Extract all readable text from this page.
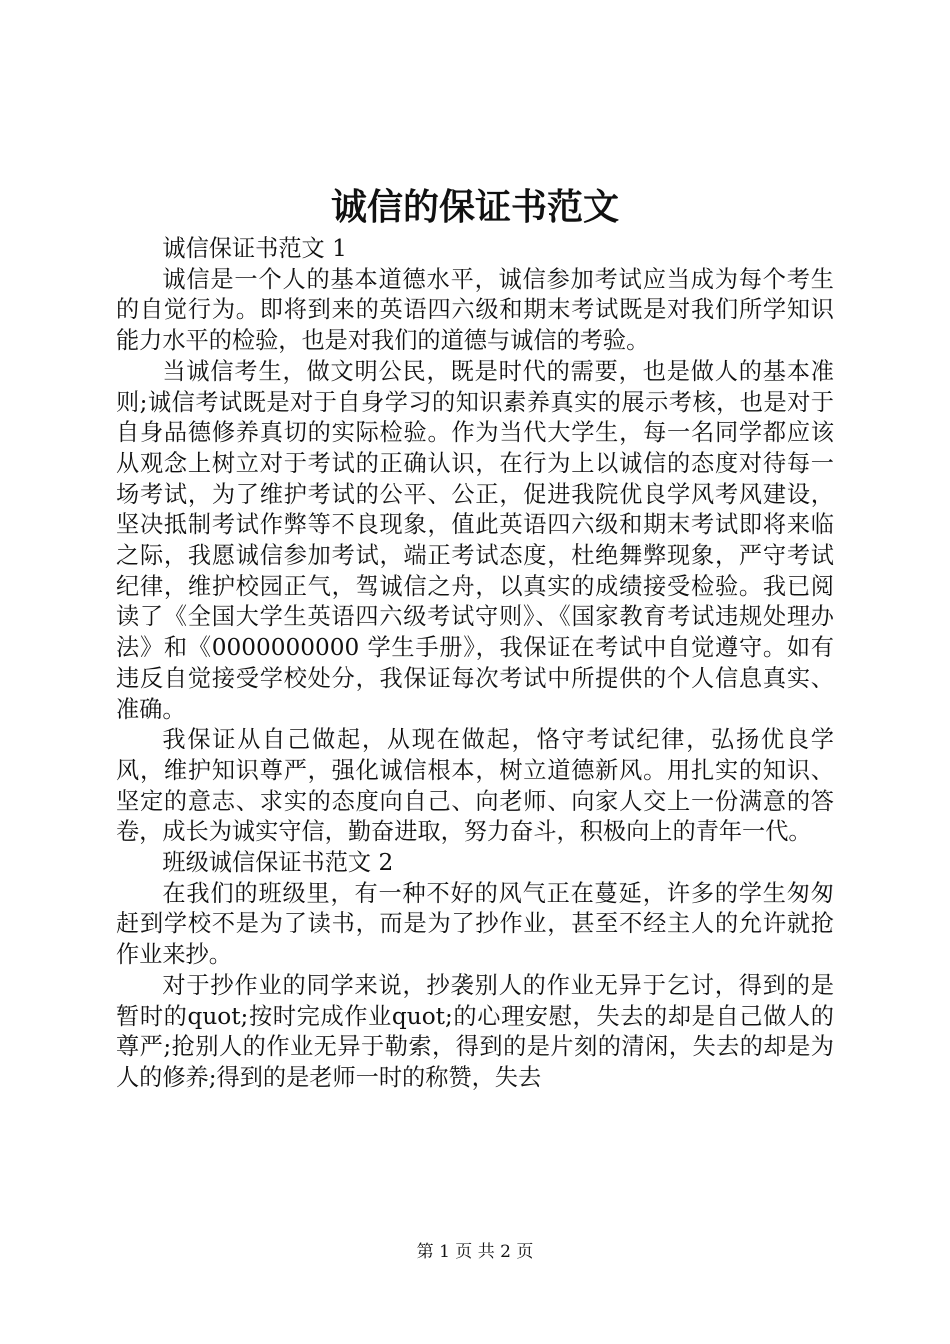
诚信的保证书范文

诚信保证书范文 1

诚信是一个人的基本道德水平，诚信参加考试应当成为每个考生的自觉行为。即将到来的英语四六级和期末考试既是对我们所学知识能力水平的检验，也是对我们的道德与诚信的考验。

当诚信考生，做文明公民，既是时代的需要，也是做人的基本准则;诚信考试既是对于自身学习的知识素养真实的展示考核，也是对于自身品德修养真切的实际检验。作为当代大学生，每一名同学都应该从观念上树立对于考试的正确认识，在行为上以诚信的态度对待每一场考试，为了维护考试的公平、公正，促进我院优良学风考风建设，坚决抵制考试作弊等不良现象，值此英语四六级和期末考试即将来临之际，我愿诚信参加考试，端正考试态度，杜绝舞弊现象，严守考试纪律，维护校园正气，驾诚信之舟，以真实的成绩接受检验。我已阅读了《全国大学生英语四六级考试守则》、《国家教育考试违规处理办法》和《0000000000 学生手册》，我保证在考试中自觉遵守。如有违反自觉接受学校处分，我保证每次考试中所提供的个人信息真实、准确。

我保证从自己做起，从现在做起，恪守考试纪律，弘扬优良学风，维护知识尊严，强化诚信根本，树立道德新风。用扎实的知识、坚定的意志、求实的态度向自己、向老师、向家人交上一份满意的答卷，成长为诚实守信，勤奋进取，努力奋斗，积极向上的青年一代。

班级诚信保证书范文 2

在我们的班级里，有一种不好的风气正在蔓延，许多的学生匆匆赶到学校不是为了读书，而是为了抄作业，甚至不经主人的允许就抢作业来抄。

对于抄作业的同学来说，抄袭别人的作业无异于乞讨，得到的是暂时的quot;按时完成作业quot;的心理安慰，失去的却是自己做人的尊严;抢别人的作业无异于勒索，得到的是片刻的清闲，失去的却是为人的修养;得到的是老师一时的称赞，失去

第 1 页 共 2 页
